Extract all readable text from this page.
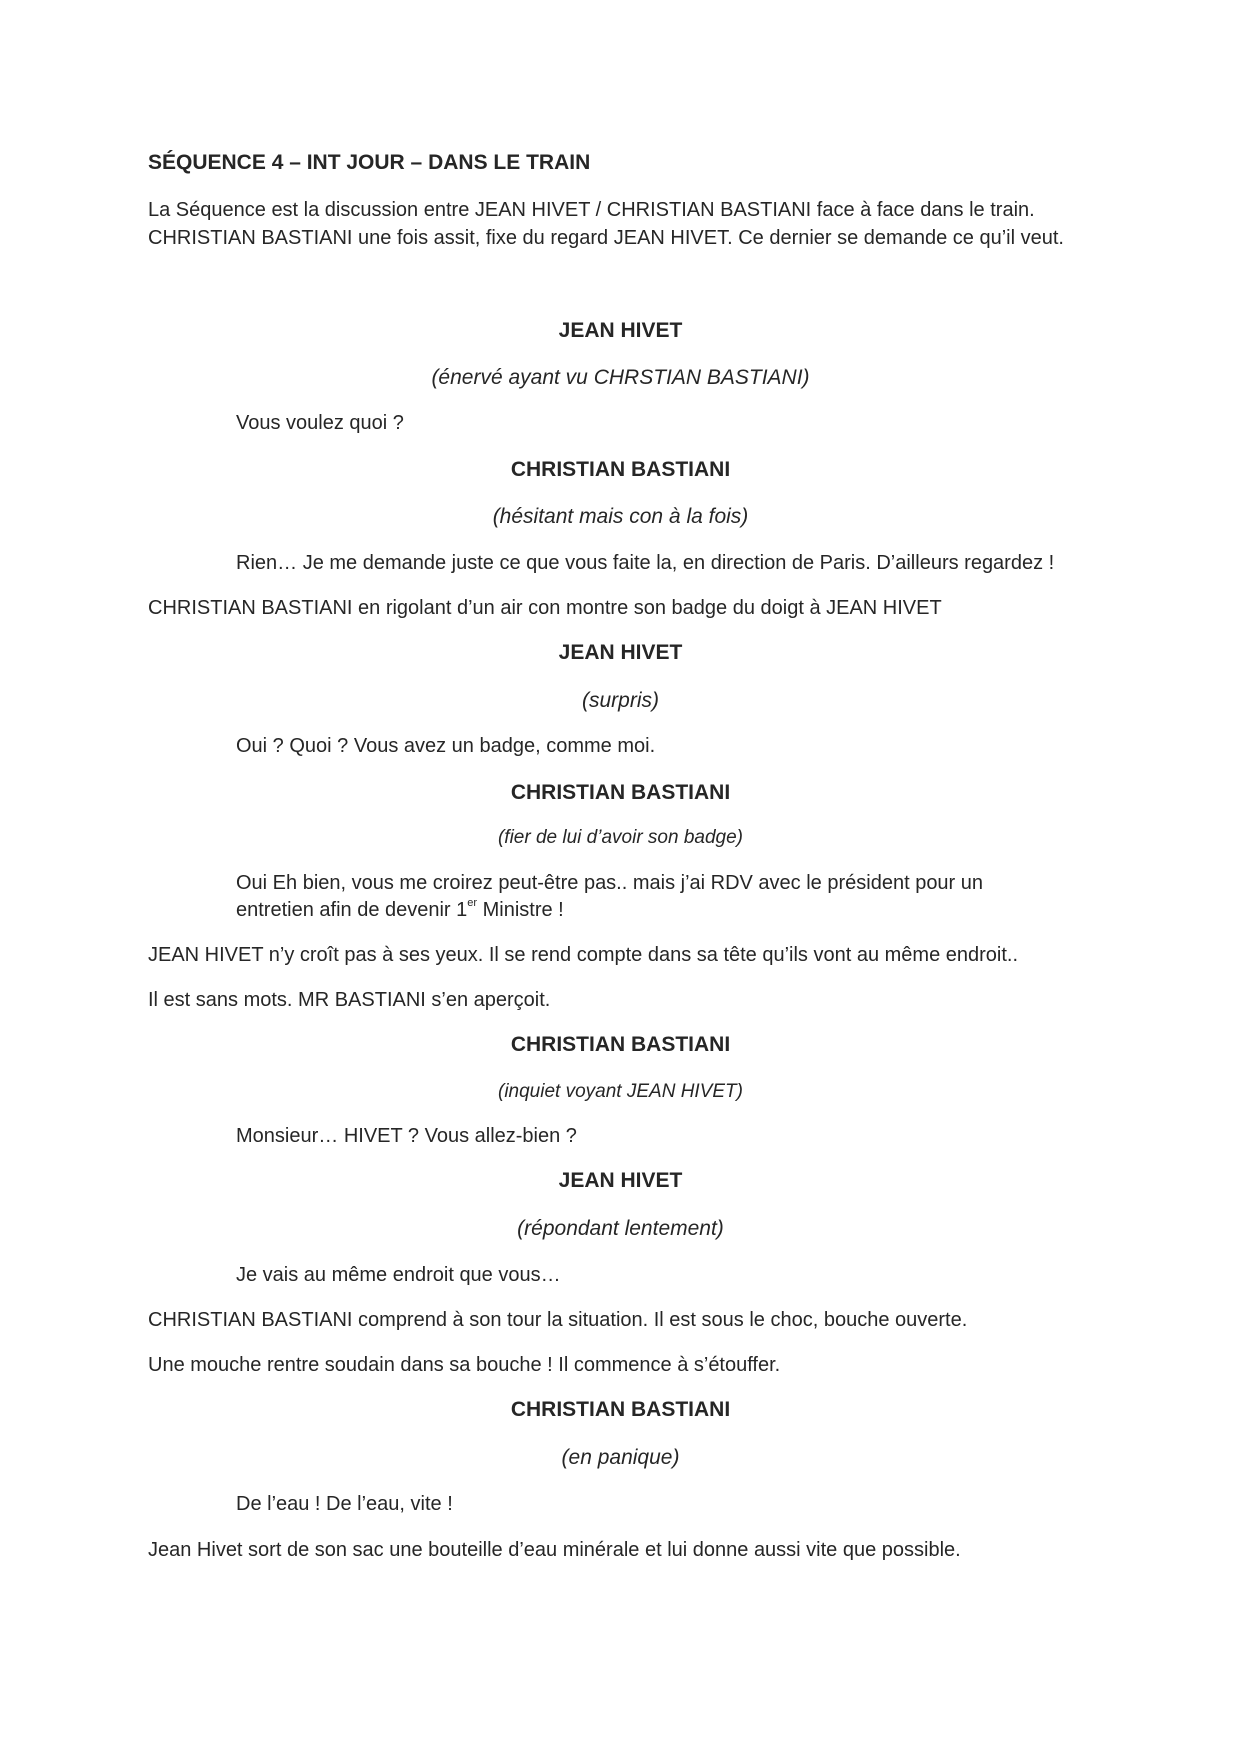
SÉQUENCE 4 – INT JOUR – DANS LE TRAIN
La Séquence est la discussion entre JEAN HIVET / CHRISTIAN BASTIANI face à face dans le train.
CHRISTIAN BASTIANI une fois assit, fixe du regard JEAN HIVET. Ce dernier se demande ce qu’il veut.
JEAN HIVET
(énervé ayant vu CHRSTIAN BASTIANI)
Vous voulez quoi ?
CHRISTIAN BASTIANI
(hésitant mais con à la fois)
Rien… Je me demande juste ce que vous faite la, en direction de Paris. D’ailleurs regardez !
CHRISTIAN BASTIANI en rigolant d’un air con montre son badge du doigt à JEAN HIVET
JEAN HIVET
(surpris)
Oui ? Quoi ? Vous avez un badge, comme moi.
CHRISTIAN BASTIANI
(fier de lui d’avoir son badge)
Oui Eh bien, vous me croirez peut-être pas.. mais j’ai RDV avec le président pour un
entretien afin de devenir 1er Ministre !
JEAN HIVET n’y croît pas à ses yeux. Il se rend compte dans sa tête qu’ils vont au même endroit..
Il est sans mots. MR BASTIANI s’en aperçoit.
CHRISTIAN BASTIANI
(inquiet voyant JEAN HIVET)
Monsieur… HIVET ? Vous allez-bien ?
JEAN HIVET
(répondant lentement)
Je vais au même endroit que vous…
CHRISTIAN BASTIANI comprend à son tour la situation. Il est sous le choc, bouche ouverte.
Une mouche rentre soudain dans sa bouche ! Il commence à s’étouffer.
CHRISTIAN BASTIANI
(en panique)
De l’eau ! De l’eau, vite !
Jean Hivet sort de son sac une bouteille d’eau minérale et lui donne aussi vite que possible.
